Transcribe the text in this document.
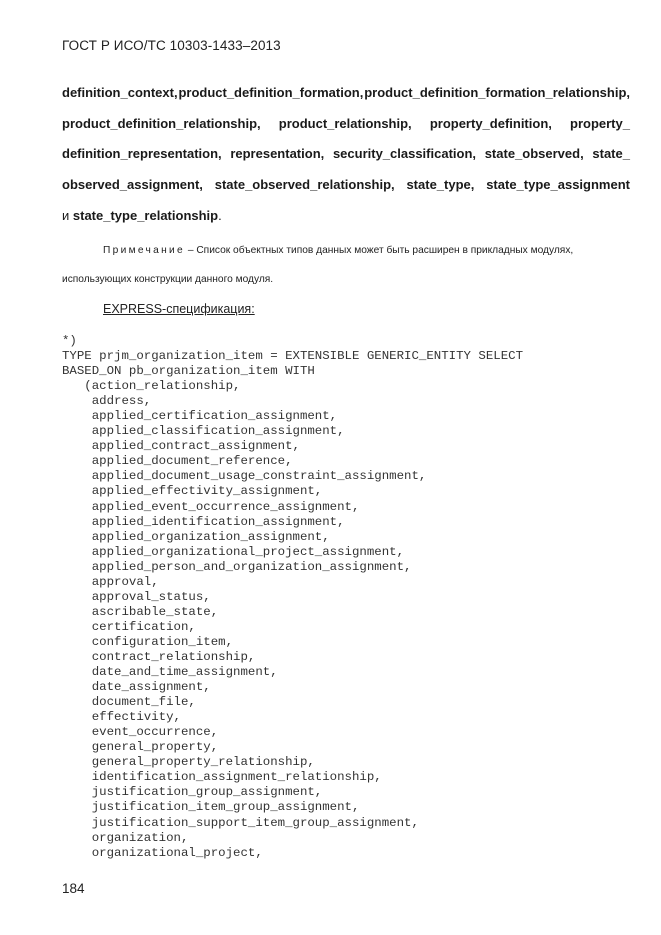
ГОСТ Р ИСО/ТС 10303-1433–2013
definition_context, product_definition_formation, product_definition_formation_relationship,
product_definition_relationship, product_relationship, property_definition, property_
definition_representation, representation, security_classification, state_observed, state_
observed_assignment, state_observed_relationship, state_type, state_type_assignment
и state_type_relationship.
Примечание – Список объектных типов данных может быть расширен в прикладных модулях,
использующих конструкции данного модуля.
EXPRESS-спецификация:
*)
TYPE prjm_organization_item = EXTENSIBLE GENERIC_ENTITY SELECT
BASED_ON pb_organization_item WITH
(action_relationship,
address,
applied_certification_assignment,
applied_classification_assignment,
applied_contract_assignment,
applied_document_reference,
applied_document_usage_constraint_assignment,
applied_effectivity_assignment,
applied_event_occurrence_assignment,
applied_identification_assignment,
applied_organization_assignment,
applied_organizational_project_assignment,
applied_person_and_organization_assignment,
approval,
approval_status,
ascribable_state,
certification,
configuration_item,
contract_relationship,
date_and_time_assignment,
date_assignment,
document_file,
effectivity,
event_occurrence,
general_property,
general_property_relationship,
identification_assignment_relationship,
justification_group_assignment,
justification_item_group_assignment,
justification_support_item_group_assignment,
organization,
organizational_project,
184
